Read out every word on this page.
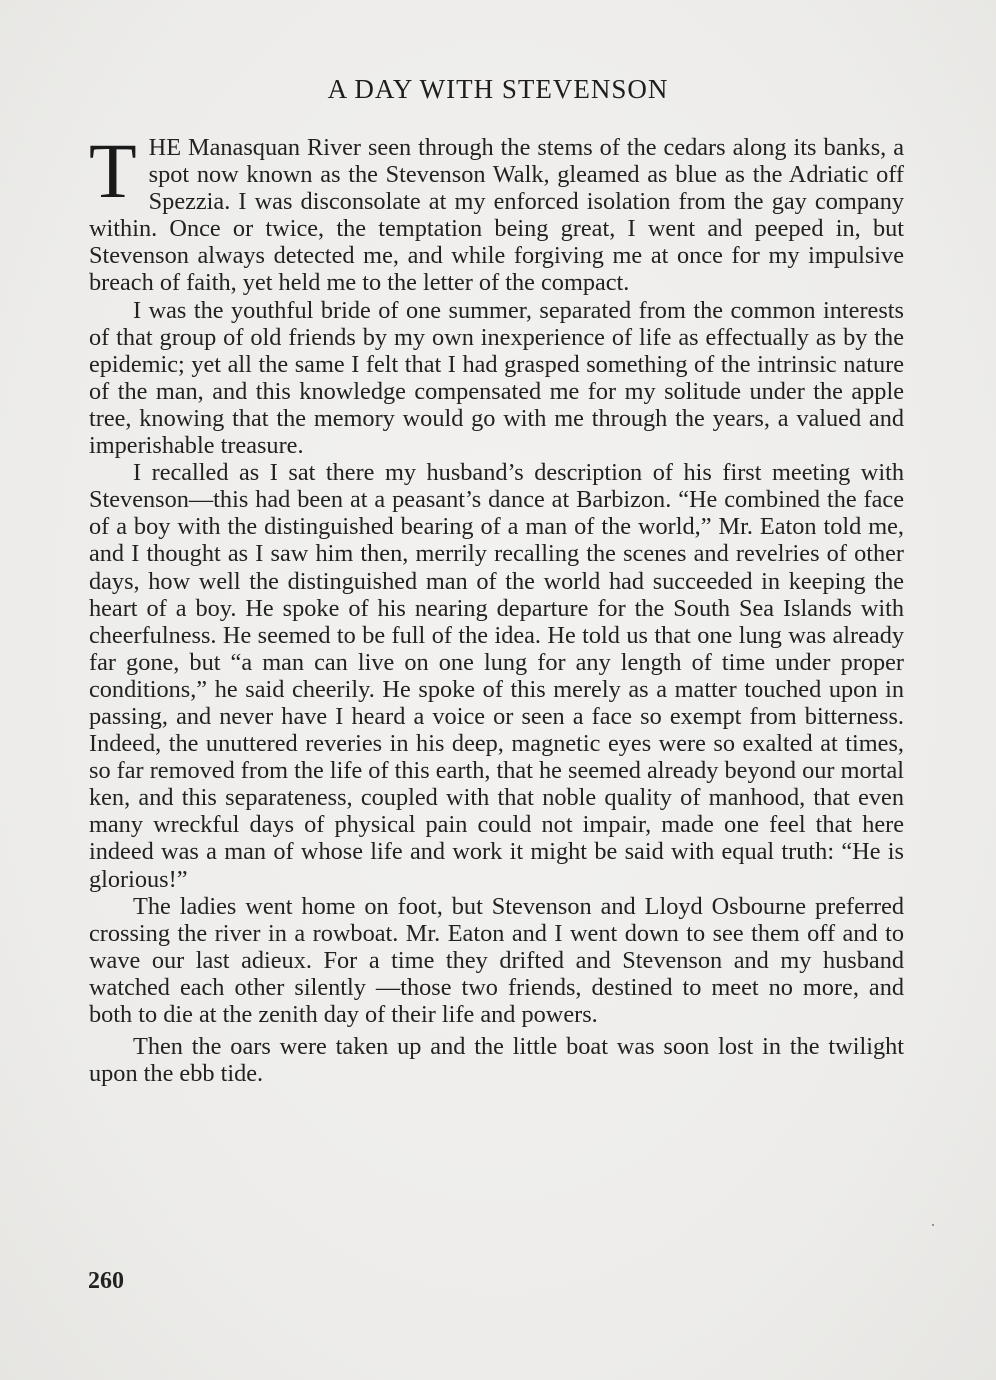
A DAY WITH STEVENSON

THE Manasquan River seen through the stems of the cedars along its banks, a spot now known as the Stevenson Walk, gleamed as blue as the Adriatic off Spezzia. I was disconsolate at my enforced isolation from the gay company within. Once or twice, the temptation being great, I went and peeped in, but Stevenson always detected me, and while forgiving me at once for my impulsive breach of faith, yet held me to the letter of the compact.

I was the youthful bride of one summer, separated from the common interests of that group of old friends by my own inexperience of life as effectually as by the epidemic; yet all the same I felt that I had grasped something of the intrinsic nature of the man, and this knowledge compensated me for my solitude under the apple tree, knowing that the memory would go with me through the years, a valued and imperishable treasure.

I recalled as I sat there my husband’s description of his first meeting with Stevenson—this had been at a peasant’s dance at Barbizon. “He combined the face of a boy with the distinguished bearing of a man of the world,” Mr. Eaton told me, and I thought as I saw him then, merrily recalling the scenes and revelries of other days, how well the distinguished man of the world had succeeded in keeping the heart of a boy. He spoke of his nearing departure for the South Sea Islands with cheerfulness. He seemed to be full of the idea. He told us that one lung was already far gone, but “a man can live on one lung for any length of time under proper conditions,” he said cheerily. He spoke of this merely as a matter touched upon in passing, and never have I heard a voice or seen a face so exempt from bitterness. Indeed, the unuttered reveries in his deep, magnetic eyes were so exalted at times, so far removed from the life of this earth, that he seemed already beyond our mortal ken, and this separateness, coupled with that noble quality of manhood, that even many wreckful days of physical pain could not impair, made one feel that here indeed was a man of whose life and work it might be said with equal truth: “He is glorious!”

The ladies went home on foot, but Stevenson and Lloyd Osbourne preferred crossing the river in a rowboat. Mr. Eaton and I went down to see them off and to wave our last adieux. For a time they drifted and Stevenson and my husband watched each other silently —those two friends, destined to meet no more, and both to die at the zenith day of their life and powers.

Then the oars were taken up and the little boat was soon lost in the twilight upon the ebb tide.

260
